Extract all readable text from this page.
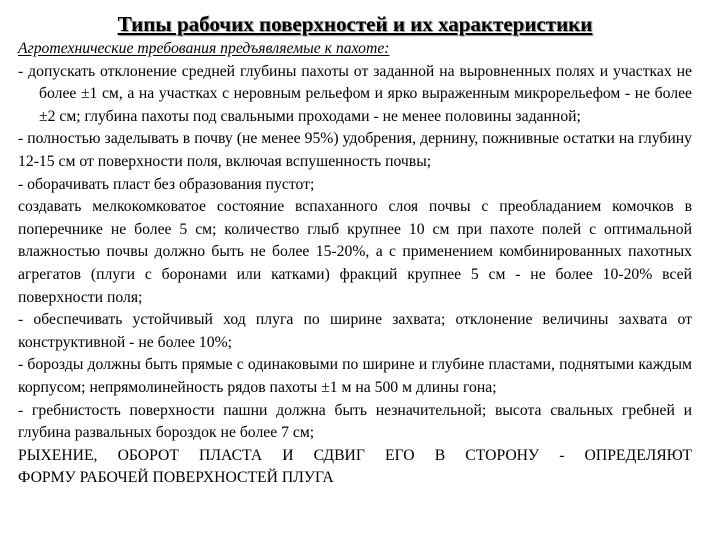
Типы рабочих поверхностей и их характеристики

Агротехнические требования предъявляемые к пахоте:

- допускать отклонение средней глубины пахоты от заданной на выровненных полях и участках не более ±1 см, а на участках с неровным рельефом и ярко выраженным микрорельефом - не более ±2 см; глубина пахоты под свальными проходами - не менее половины заданной;

- полностью заделывать в почву (не менее 95%) удобрения, дернину, пожнивные остатки на глубину 12-15 см от поверхности поля, включая вспушенность почвы;

- оборачивать пласт без образования пустот;

создавать мелкокомковатое состояние вспаханного слоя почвы с преобладанием комочков в поперечнике не более 5 см; количество глыб крупнее 10 см при пахоте полей с оптимальной влажностью почвы должно быть не более 15-20%, а с применением комбинированных пахотных агрегатов (плуги с боронами или катками) фракций крупнее 5 см - не более 10-20% всей поверхности поля;

- обеспечивать устойчивый ход плуга по ширине захвата; отклонение величины захвата от конструктивной - не более 10%;

- борозды должны быть прямые с одинаковыми по ширине и глубине пластами, поднятыми каждым корпусом; непрямолинейность рядов пахоты ±1 м на 500 м длины гона;

- гребнистость поверхности пашни должна быть незначительной; высота свальных гребней и глубина развальных бороздок не более 7 см;

РЫХЕНИЕ, ОБОРОТ ПЛАСТА И СДВИГ ЕГО В СТОРОНУ - ОПРЕДЕЛЯЮТ

ФОРМУ РАБОЧЕЙ ПОВЕРХНОСТЕЙ ПЛУГА
